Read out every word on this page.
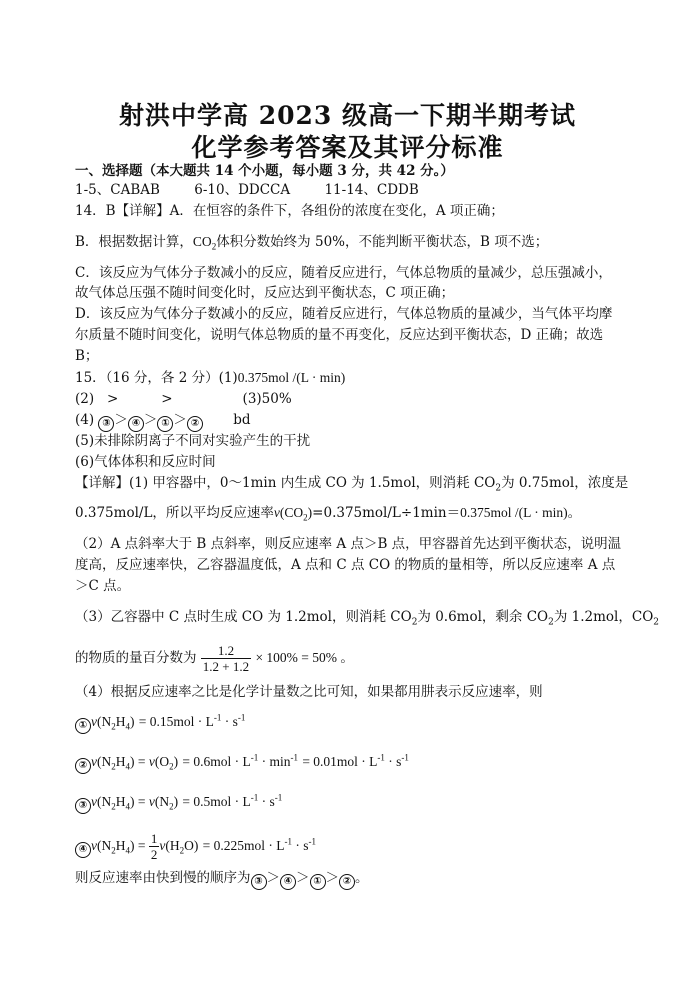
射洪中学高 2023 级高一下期半期考试
化学参考答案及其评分标准
一、选择题（本大题共 14 个小题，每小题 3 分，共 42 分。）
1-5、CABAB        6-10、DDCCA        11-14、CDDB
14．B【详解】A．在恒容的条件下，各组份的浓度在变化，A 项正确；
B．根据数据计算，$CO_2$体积分数始终为 50%，不能判断平衡状态，B 项不选；
C．该反应为气体分子数减小的反应，随着反应进行，气体总物质的量减少，总压强减小，
故气体总压强不随时间变化时，反应达到平衡状态，C 项正确；
D．该反应为气体分子数减小的反应，随着反应进行，气体总物质的量减少，当气体平均摩
尔质量不随时间变化，说明气体总物质的量不再变化，反应达到平衡状态，D 正确；故选
B；
15．（16 分，各 2 分）(1)0.375mol /(L · min)
(2)   >          >	(3)50%
(4) ③ ＞ ④ ＞ ① ＞ ②	bd
(5)未排除阴离子不同对实验产生的干扰
(6)气体体积和反应时间
【详解】(1) 甲容器中，0～1min 内生成 CO 为 1.5mol，则消耗 $CO_2$为 0.75mol，浓度是
0.375mol/L，所以平均反应速率$v(CO_2)=0.375mol/L\div 1\min=0.375mol$ /(L · min)。
（2）A 点斜率大于 B 点斜率，则反应速率 A 点＞B 点，甲容器首先达到平衡状态，说明温
度高，反应速率快，乙容器温度低，A 点和 C 点 CO 的物质的量相等，所以反应速率 A 点
＞C 点。
（3）乙容器中 C 点时生成 CO 为 1.2mol，则消耗 $CO_2$为 0.6mol，剩余 $CO_2$为 1.2mol，$CO_2$
的物质的量百分数为 $\frac{1.2}{1.2 + 1.2} \times 100\% = 50\%$ 。
（4）根据反应速率之比是化学计量数之比可知，如果都用肼表示反应速率，则
① $v(N_2H_4) = 0.15mol \cdot L^{-1} \cdot s^{-1}$
② $v(N_2H_4) = v(O_2) = 0.6mol \cdot L^{-1} \cdot \min^{-1} = 0.01mol \cdot L^{-1} \cdot s^{-1}$
③ $v(N_2H_4) = v(N_2) = 0.5mol \cdot L^{-1} \cdot s^{-1}$
④ $v(N_2H_4) = \frac{1}{2} v(H_2O) = 0.225mol \cdot L^{-1} \cdot s^{-1}$
则反应速率由快到慢的顺序为 ③ ＞ ④ ＞ ① ＞ ② 。
